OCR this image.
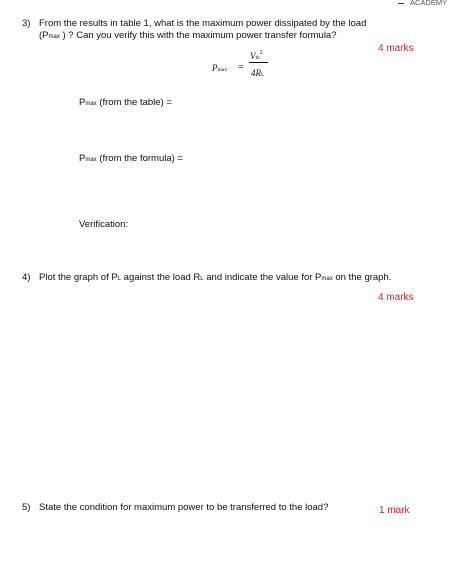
ACADEMY
3) From the results in table 1, what is the maximum power dissipated by the load
(Pmax ) ? Can you verify this with the maximum power transfer formula?
4 marks
Pmax =
Vth$^2$
4RL
Pmax (from the table) =
Pmax (from the formula) =
Verification:
4) Plot the graph of PL against the load RL and indicate the value for Pmax on the graph.
4 marks
5) State the condition for maximum power to be transferred to the load?	1 mark
